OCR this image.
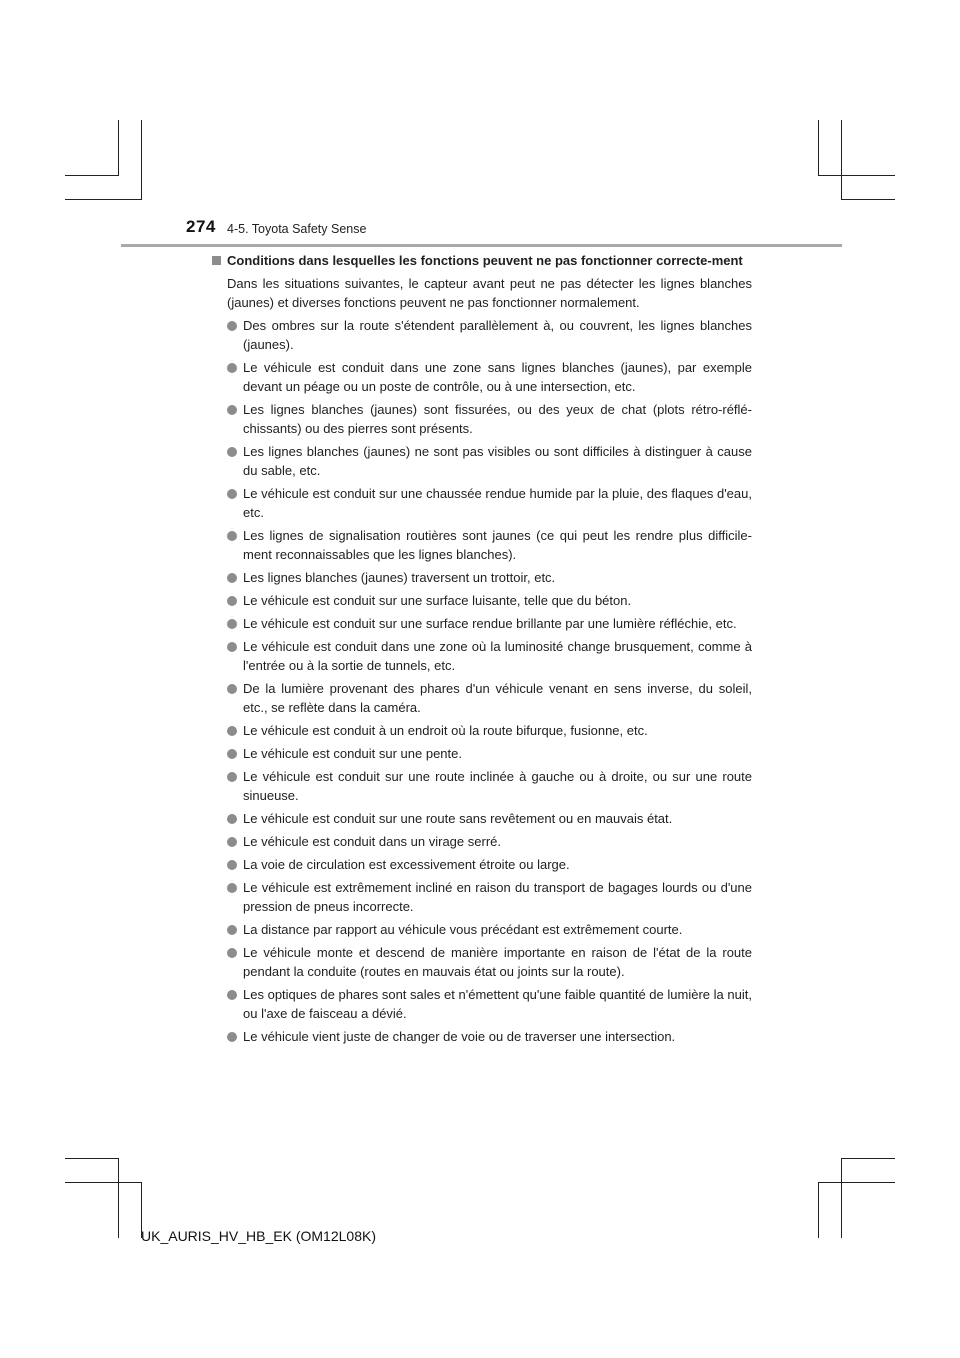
274 4-5. Toyota Safety Sense
Conditions dans lesquelles les fonctions peuvent ne pas fonctionner correcte-ment
Dans les situations suivantes, le capteur avant peut ne pas détecter les lignes blanches (jaunes) et diverses fonctions peuvent ne pas fonctionner normalement.
Des ombres sur la route s'étendent parallèlement à, ou couvrent, les lignes blanches (jaunes).
Le véhicule est conduit dans une zone sans lignes blanches (jaunes), par exemple devant un péage ou un poste de contrôle, ou à une intersection, etc.
Les lignes blanches (jaunes) sont fissurées, ou des yeux de chat (plots rétro-réflé-chissants) ou des pierres sont présents.
Les lignes blanches (jaunes) ne sont pas visibles ou sont difficiles à distinguer à cause du sable, etc.
Le véhicule est conduit sur une chaussée rendue humide par la pluie, des flaques d'eau, etc.
Les lignes de signalisation routières sont jaunes (ce qui peut les rendre plus difficile-ment reconnaissables que les lignes blanches).
Les lignes blanches (jaunes) traversent un trottoir, etc.
Le véhicule est conduit sur une surface luisante, telle que du béton.
Le véhicule est conduit sur une surface rendue brillante par une lumière réfléchie, etc.
Le véhicule est conduit dans une zone où la luminosité change brusquement, comme à l'entrée ou à la sortie de tunnels, etc.
De la lumière provenant des phares d'un véhicule venant en sens inverse, du soleil, etc., se reflète dans la caméra.
Le véhicule est conduit à un endroit où la route bifurque, fusionne, etc.
Le véhicule est conduit sur une pente.
Le véhicule est conduit sur une route inclinée à gauche ou à droite, ou sur une route sinueuse.
Le véhicule est conduit sur une route sans revêtement ou en mauvais état.
Le véhicule est conduit dans un virage serré.
La voie de circulation est excessivement étroite ou large.
Le véhicule est extrêmement incliné en raison du transport de bagages lourds ou d'une pression de pneus incorrecte.
La distance par rapport au véhicule vous précédant est extrêmement courte.
Le véhicule monte et descend de manière importante en raison de l'état de la route pendant la conduite (routes en mauvais état ou joints sur la route).
Les optiques de phares sont sales et n'émettent qu'une faible quantité de lumière la nuit, ou l'axe de faisceau a dévié.
Le véhicule vient juste de changer de voie ou de traverser une intersection.
UK_AURIS_HV_HB_EK (OM12L08K)
